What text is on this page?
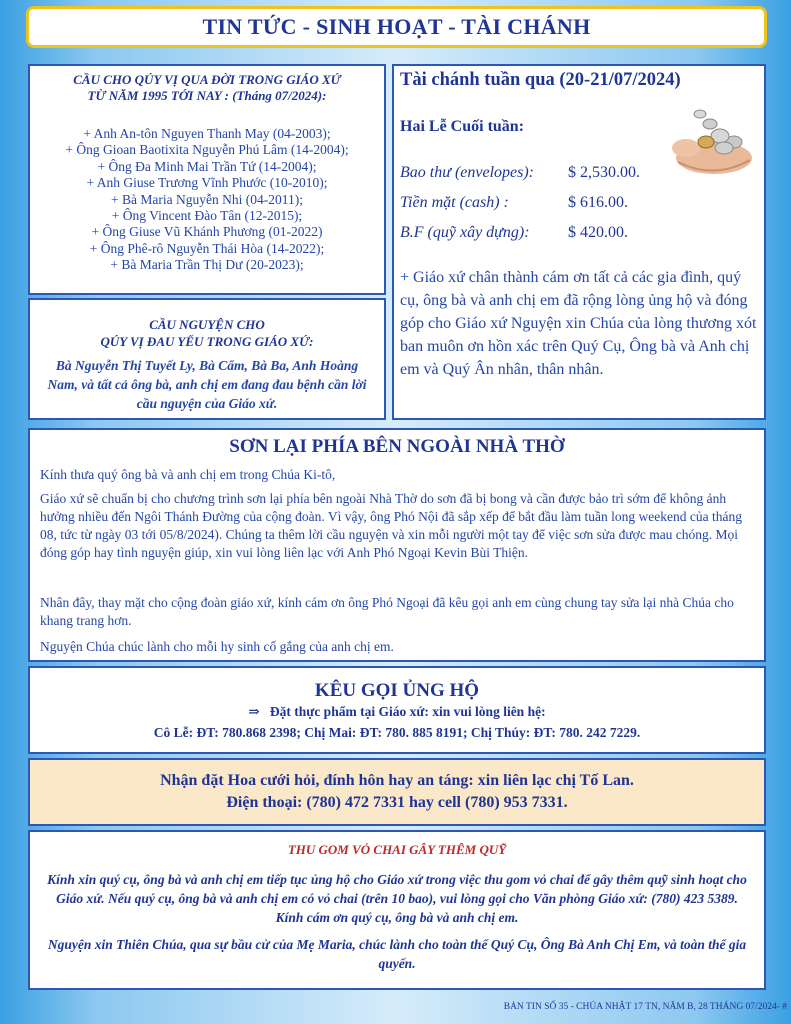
TIN TỨC - SINH HOẠT - TÀI CHÁNH
CẦU CHO QÚY VỊ QUA ĐỜI TRONG GIÁO XỨ
TỪ NĂM 1995 TỚI NAY : (Tháng 07/2024):
+ Anh An-tôn Nguyen Thanh May (04-2003);
+ Ông Gioan Baotixita Nguyễn Phú Lâm (14-2004);
+ Ông Đa Minh Mai Trần Tứ (14-2004);
+ Anh Giuse Trương Vĩnh Phước (10-2010);
+ Bà Maria Nguyễn Nhi (04-2011);
+ Ông Vincent Đào Tân (12-2015);
+ Ông Giuse Vũ Khánh Phương (01-2022)
+ Ông Phê-rô Nguyễn Thái Hòa (14-2022);
+ Bà Maria Trần Thị Dư (20-2023);
CẦU NGUYỆN CHO
QÚY VỊ ĐAU YẾU TRONG GIÁO XỨ:
Bà Nguyễn Thị Tuyết Ly, Bà Cẩm, Bà Ba, Anh Hoàng Nam, và tất cả ông bà, anh chị em đang đau bệnh cần lời cầu nguyện của Giáo xứ.
Tài chánh tuần qua (20-21/07/2024)
Hai Lễ Cuối tuần:
Bao thư (envelopes): $ 2,530.00.
Tiền mặt (cash) :	$ 616.00.
B.F (quỹ xây dựng): $ 420.00.
+ Giáo xứ chân thành cám ơn tất cả các gia đình, quý cụ, ông bà và anh chị em đã rộng lòng ủng hộ và đóng góp cho Giáo xứ Nguyện xin Chúa của lòng thương xót ban muôn ơn hồn xác trên Quý Cụ, Ông bà và Anh chị em và Quý Ân nhân, thân nhân.
SƠN LẠI PHÍA BÊN NGOÀI NHÀ THỜ

Kính thưa quý ông bà và anh chị em trong Chúa Ki-tô,

Giáo xứ sẽ chuẩn bị cho chương trình sơn lại phía bên ngoài Nhà Thờ do sơn đã bị bong và cần được bảo trì sớm để không ảnh hưởng nhiều đến Ngôi Thánh Đường của cộng đoàn. Vì vậy, ông Phó Nội đã sắp xếp để bắt đầu làm tuần long weekend của tháng 08, tức từ ngày 03 tới 05/8/2024). Chúng ta thêm lời cầu nguyện và xin mỗi người một tay để việc sơn sửa được mau chóng. Mọi đóng góp hay tình nguyện giúp, xin vui lòng liên lạc với Anh Phó Ngoại Kevin Bùi Thiện.

Nhân đây, thay mặt cho cộng đoàn giáo xứ, kính cám ơn ông Phó Ngoại đã kêu gọi anh em cùng chung tay sửa lại nhà Chúa cho khang trang hơn.

Nguyện Chúa chúc lành cho mỗi hy sinh cố gắng của anh chị em.

KÊU GỌI ỦNG HỘ
⇒ Đặt thực phẩm tại Giáo xứ: xin vui lòng liên hệ:
Cô Lễ: ĐT: 780.868 2398; Chị Mai: ĐT: 780. 885 8191; Chị Thúy: ĐT: 780. 242 7229.
Nhận đặt Hoa cưới hỏi, đính hôn hay an táng: xin liên lạc chị Tố Lan.
Điện thoại: (780) 472 7331 hay cell (780) 953 7331.
THU GOM VỎ CHAI GÂY THÊM QUỸ
Kính xin quý cụ, ông bà và anh chị em tiếp tục ủng hộ cho Giáo xứ trong việc thu gom vỏ chai để gây thêm quỹ sinh hoạt cho Giáo xứ. Nếu quý cụ, ông bà và anh chị em có vỏ chai (trên 10 bao), vui lòng gọi cho Văn phòng Giáo xứ: (780) 423 5389. Kính cám ơn quý cụ, ông bà và anh chị em.
Nguyện xin Thiên Chúa, qua sự bầu cử của Mẹ Maria, chúc lành cho toàn thể Quý Cụ, Ông Bà Anh Chị Em, và toàn thể gia quyến.
BẢN TIN SỐ 35 - CHÚA NHẬT 17 TN, NĂM B, 28 THÁNG 07/2024- #
